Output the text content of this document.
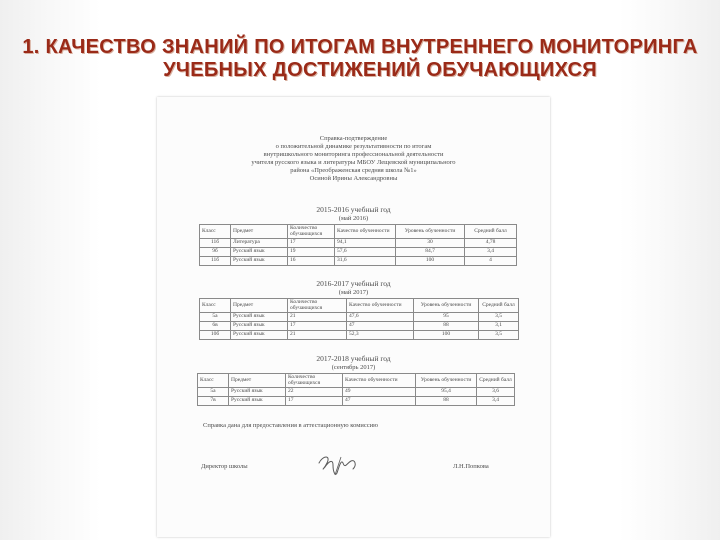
1. КАЧЕСТВО ЗНАНИЙ ПО ИТОГАМ ВНУТРЕННЕГО МОНИТОРИНГА
УЧЕБНЫХ ДОСТИЖЕНИЙ ОБУЧАЮЩИХСЯ
Справка-подтверждение
о положительной динамике результативности по итогам
внутришкольного мониторинга профессиональной деятельности
учителя русского языка и литературы МБОУ Лещевской муниципального
района «Преображенская средняя школа №1»
Осиной Ирины Александровны
2015-2016 учебный год
(май 2016)
Класс	Предмет	Количество обучающихся	Качество обученности	Уровень обученности	Средний балл
11б	Литература	17	94,1	30	4,78
9б	Русский язык	19	57,6	84,7	3,4
11б	Русский язык	16	31,6	100	4
2016-2017 учебный год
(май 2017)
Класс	Предмет	Количество обучающихся	Качество обученности	Уровень обученности	Средний балл
5а	Русский язык	21	47,6	95	3,5
6в	Русский язык	17	47	88	3,1
10б	Русский язык	21	52,3	100	3,5
2017-2018 учебный год
(сентябрь 2017)
Класс	Предмет	Количество обучающихся	Качество обученности	Уровень обученности	Средний балл
5а	Русский язык	22	49	95,4	3,6
7в	Русский язык	17	47	88	3,4
Справка дана для предоставления в аттестационную комиссию
Директор школы	Л.Н.Попкова
